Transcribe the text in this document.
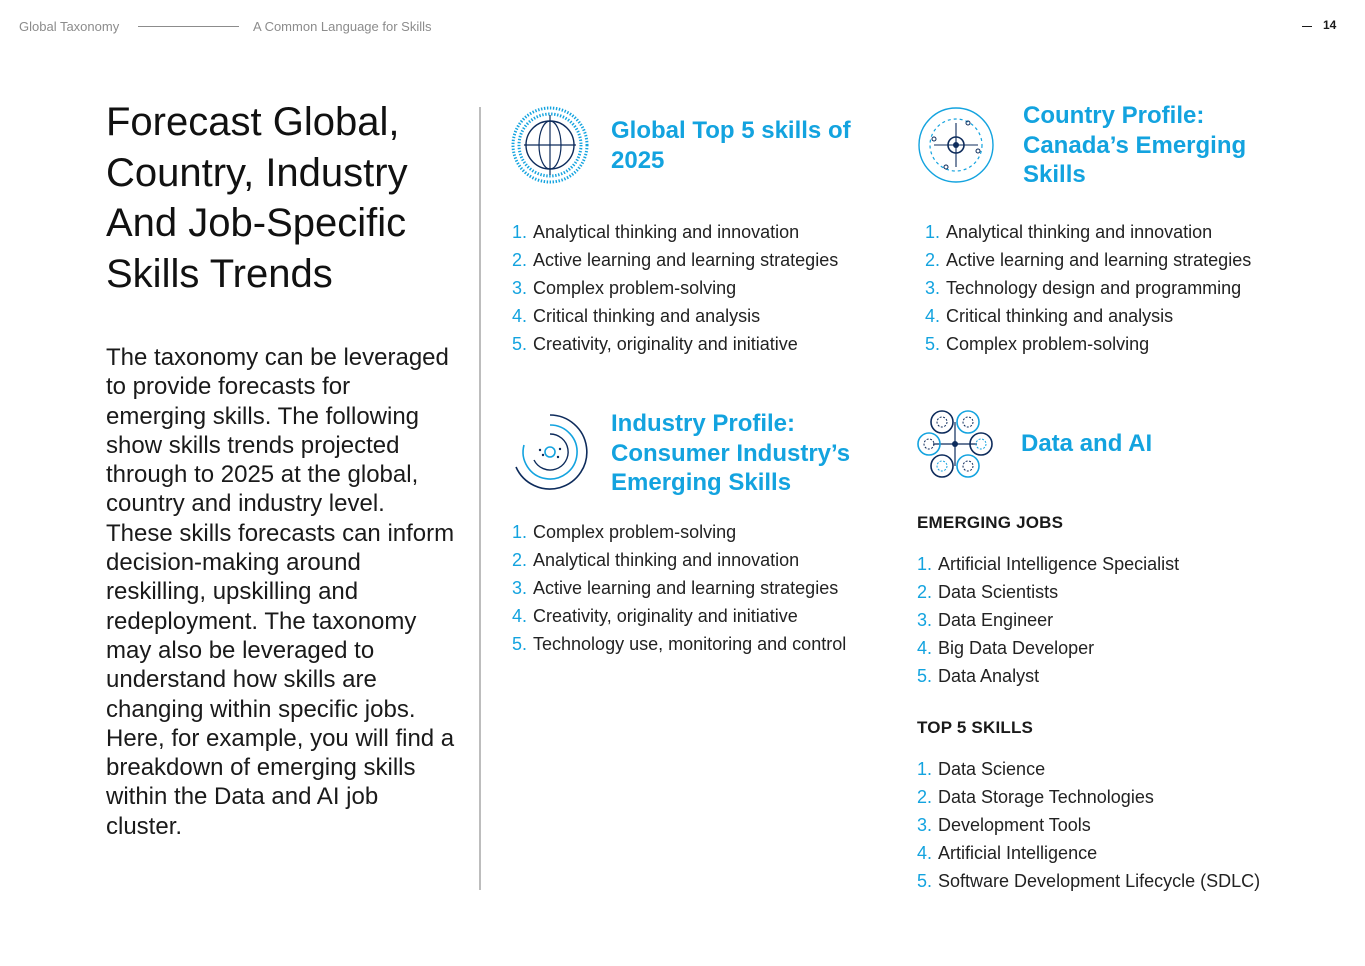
Global Taxonomy	A Common Language for Skills	14
Forecast Global, Country, Industry And Job-Specific Skills Trends

The taxonomy can be leveraged to provide forecasts for emerging skills. The following show skills trends projected through to 2025 at the global, country and industry level. These skills forecasts can inform decision-making around reskilling, upskilling and redeployment. The taxonomy may also be leveraged to understand how skills are changing within specific jobs. Here, for example, you will find a breakdown of emerging skills within the Data and AI job cluster.

Global Top 5 skills of 2025
1. Analytical thinking and innovation
2. Active learning and learning strategies
3. Complex problem-solving
4. Critical thinking and analysis
5. Creativity, originality and initiative
Country Profile: Canada’s Emerging Skills
1. Analytical thinking and innovation
2. Active learning and learning strategies
3. Technology design and programming
4. Critical thinking and analysis
5. Complex problem-solving
Industry Profile: Consumer Industry’s Emerging Skills
1. Complex problem-solving
2. Analytical thinking and innovation
3. Active learning and learning strategies
4. Creativity, originality and initiative
5. Technology use, monitoring and control
Data and AI
EMERGING JOBS
1. Artificial Intelligence Specialist
2. Data Scientists
3. Data Engineer
4. Big Data Developer
5. Data Analyst
TOP 5 SKILLS
1. Data Science
2. Data Storage Technologies
3. Development Tools
4. Artificial Intelligence
5. Software Development Lifecycle (SDLC)
